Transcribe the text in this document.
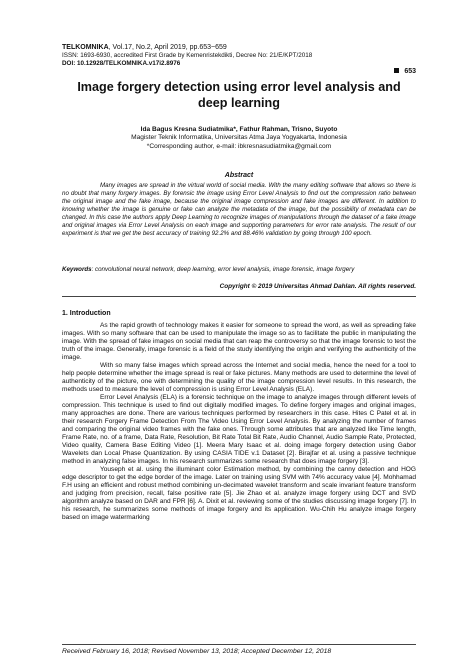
TELKOMNIKA, Vol.17, No.2, April 2019, pp.653~659
ISSN: 1693-6930, accredited First Grade by Kemenristekdikti, Decree No: 21/E/KPT/2018
DOI: 10.12928/TELKOMNIKA.v17i2.8976
653
Image forgery detection using error level analysis and deep learning
Ida Bagus Kresna Sudiatmika*, Fathur Rahman, Trisno, Suyoto
Magister Teknik Informatika, Universitas Atma Jaya Yogyakarta, Indonesia
*Corresponding author, e-mail: ibkresnasudiatmika@gmail.com
Abstract
Many images are spread in the virtual world of social media. With the many editing software that allows so there is no doubt that many forgery images. By forensic the image using Error Level Analysis to find out the compression ratio between the original image and the fake image, because the original image compression and fake images are different. In addition to knowing whether the image is genuine or fake can analyze the metadata of the image, but the possibility of metadata can be changed. In this case the authors apply Deep Learning to recognize images of manipulations through the dataset of a fake image and original images via Error Level Analysis on each image and supporting parameters for error rate analysis. The result of our experiment is that we get the best accuracy of training 92.2% and 88.46% validation by going through 100 epoch.
Keywords: convolutional neural network, deep learning, error level analysis, image forensic, image forgery
Copyright © 2019 Universitas Ahmad Dahlan. All rights reserved.
1. Introduction

As the rapid growth of technology makes it easier for someone to spread the word, as well as spreading fake images. With so many software that can be used to manipulate the image so as to facilitate the public in manipulating the image. With the spread of fake images on social media that can reap the controversy so that the image forensic to test the truth of the image. Generally, image forensic is a field of the study identifying the origin and verifying the authenticity of the image.

With so many false images which spread across the Internet and social media, hence the need for a tool to help people determine whether the image spread is real or fake pictures. Many methods are used to determine the level of authenticity of the picture, one with determining the quality of the image compression level results. In this research, the methods used to measure the level of compression is using Error Level Analysis (ELA).

Error Level Analysis (ELA) is a forensic technique on the image to analyze images through different levels of compression. This technique is used to find out digitally modified images. To define forgery images and original images, many approaches are done. There are various techniques performed by researchers in this case. Hites C Patel et al. in their research Forgery Frame Detection From The Video Using Error Level Analysis. By analyzing the number of frames and comparing the original video frames with the fake ones. Through some attributes that are analyzed like Time length, Frame Rate, no. of a frame, Data Rate, Resolution, Bit Rate Total Bit Rate, Audio Channel, Audio Sample Rate, Protected, Video quality, Camera Base Editing Video [1]. Meera Mary Isaac et al. doing image forgery detection using Gabor Wavelets dan Local Phase Quantization. By using CASIA TIDE v.1 Dataset [2]. Birajfar et al. using a passive technique method in analyzing false images. In his research summarizes some research that does image forgery [3].

Youseph et al. using the illuminant color Estimation method, by combining the canny detection and HOG edge descriptor to get the edge border of the image. Later on training using SVM with 74% accuracy value [4]. Mohhamad F.H using an efficient and robust method combining un-decimated wavelet transform and scale invariant feature transform and judging from precision, recall, false positive rate [5]. Jie Zhao et al. analyze image forgery using DCT and SVD algorithm analyze based on DAR and FPR [6]. A. Dixit et al. reviewing some of the studies discussing image forgery [7]. In his research, he summarizes some methods of image forgery and its application. Wu-Chih Hu analyze image forgery based on image watermarking

Received February 16, 2018; Revised November 13, 2018; Accepted December 12, 2018
